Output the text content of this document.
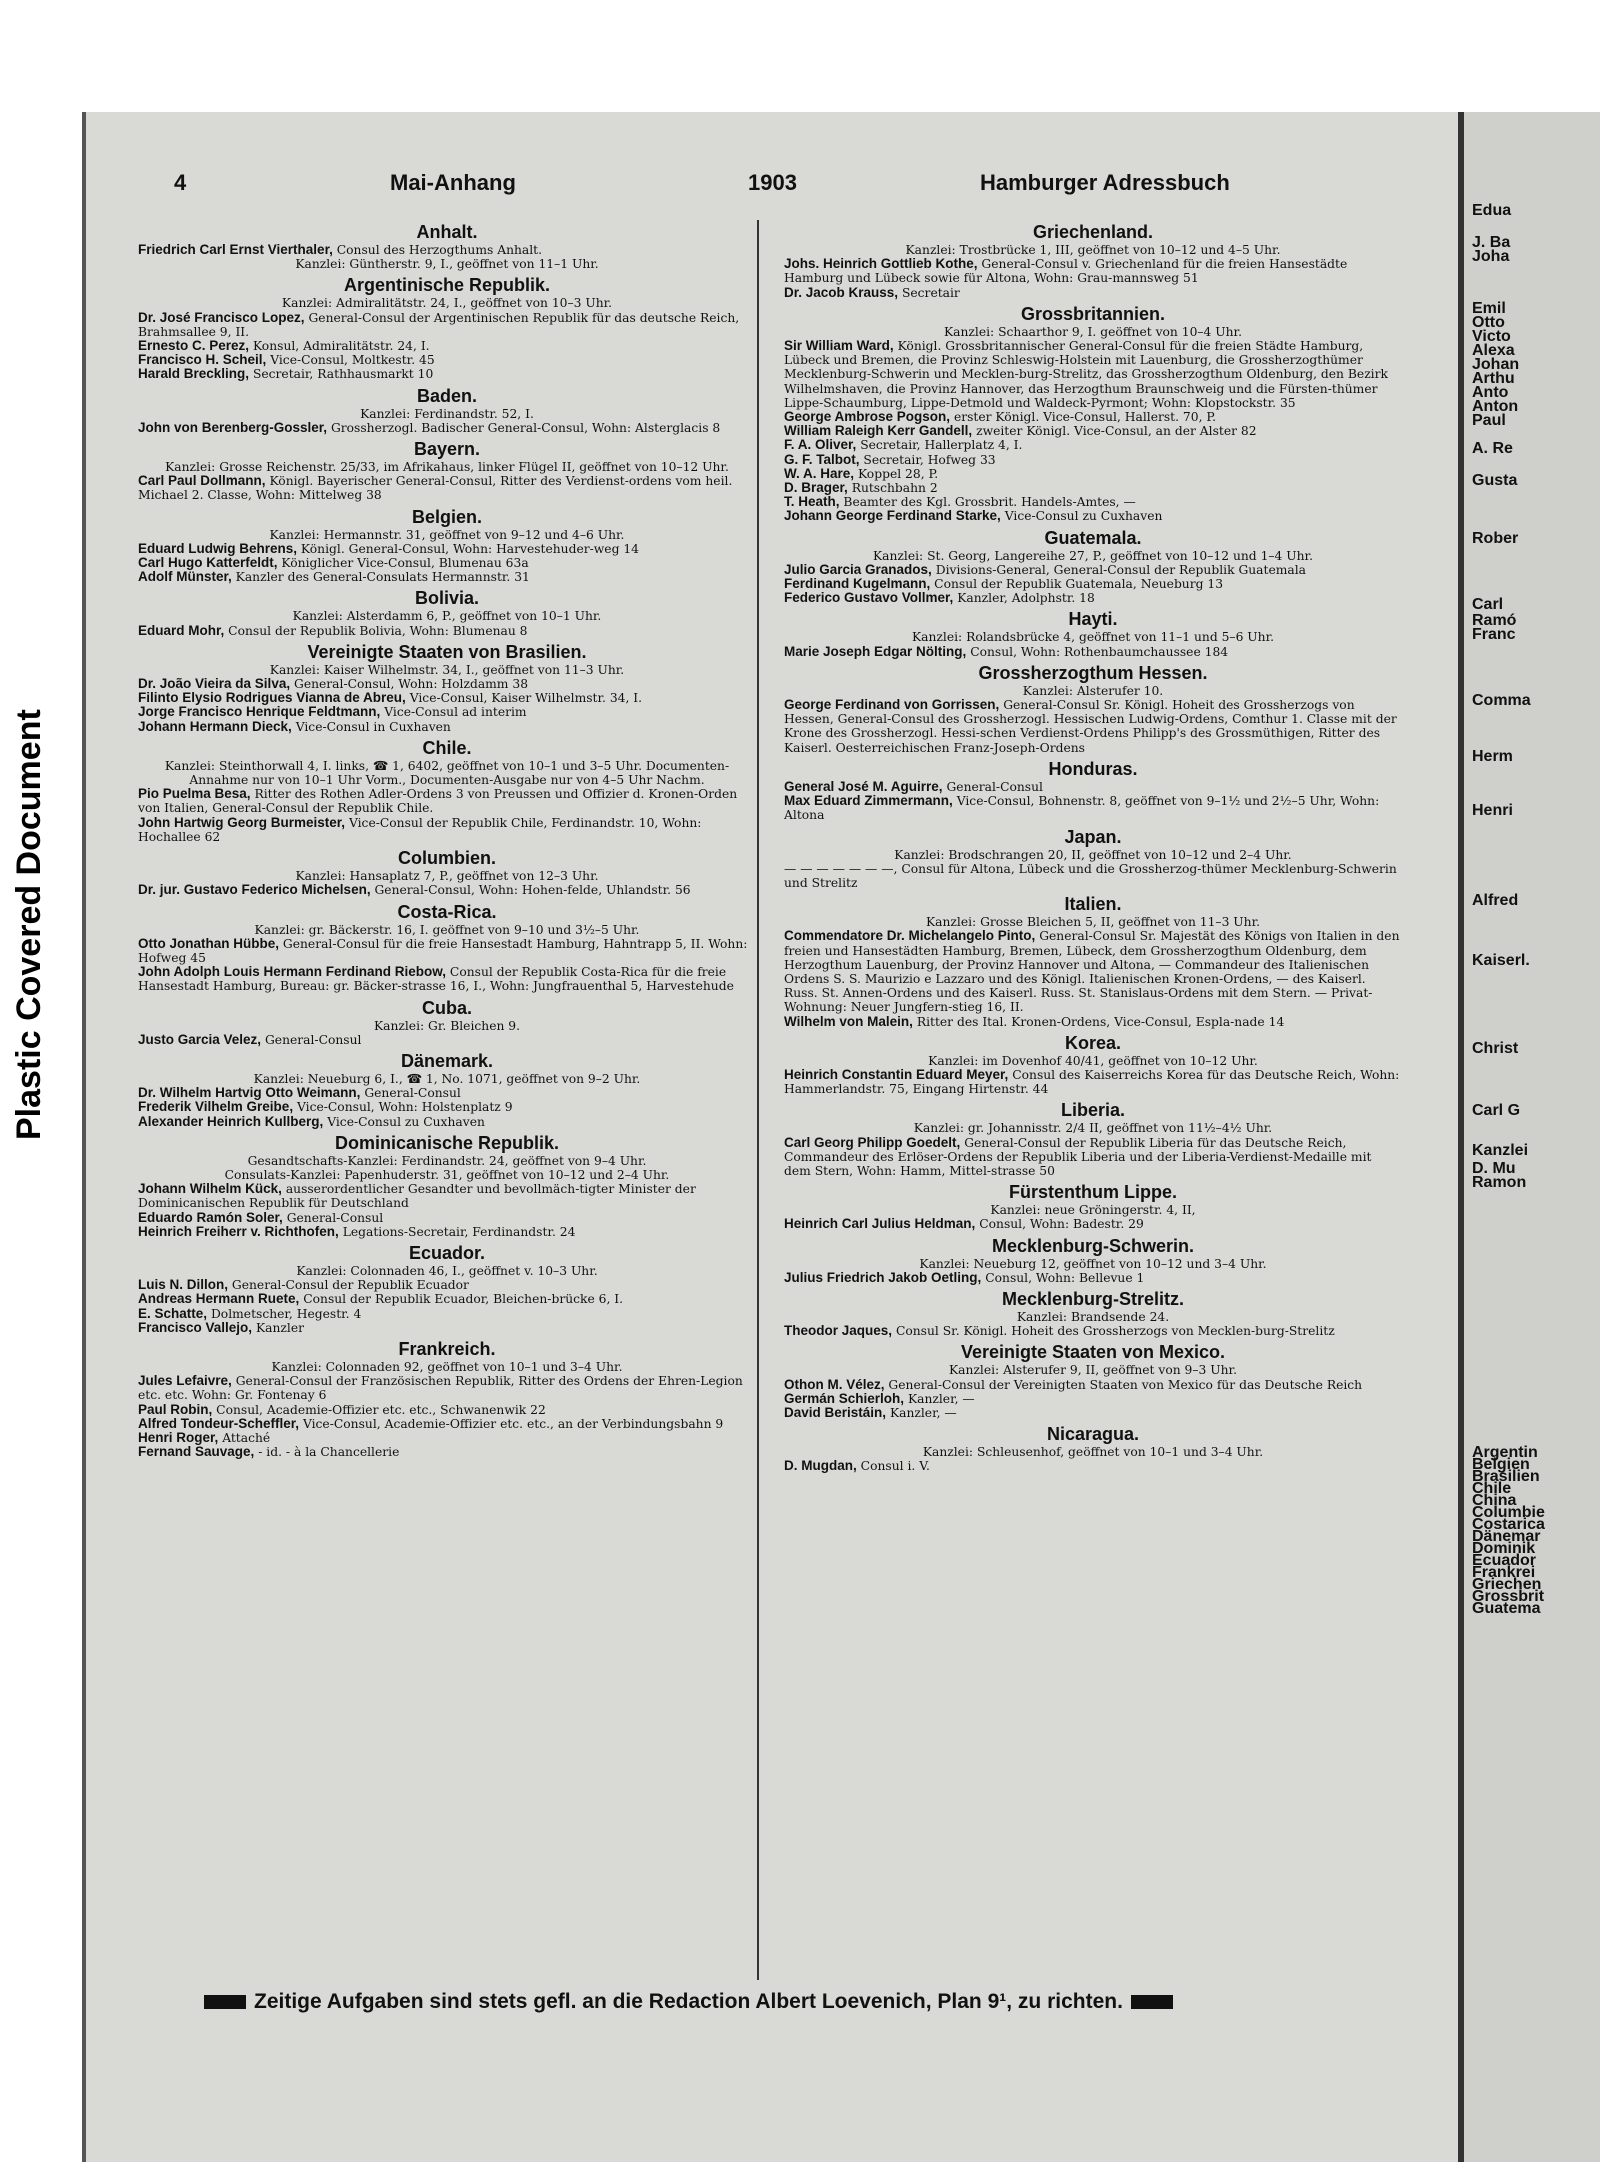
Plastic Covered Document
Edua
J. Ba
Joha
Emil
Otto
Victo
Alexa
Johan
Arthu
Anto
Anton
Paul
A. Re
Gusta
Rober
Carl
Ramó
Franc
Comma
Herm
Henri
Alfred
Kaiserl.
Christ
Carl G
Kanzlei
D. Mu
Ramon
Argentin
Belgien
Brasilien
Chile
China
Columbie
Costarica
Dänemar
Dominik
Ecuador
Frankrei
Griechen
Grossbrit
Guatema
4	Mai-Anhang	1903	Hamburger Adressbuch
Anhalt.

Friedrich Carl Ernst Vierthaler, Consul des Herzogthums Anhalt.

Kanzlei: Güntherstr. 9, I., geöffnet von 11–1 Uhr.

Argentinische Republik.

Kanzlei: Admiralitätstr. 24, I., geöffnet von 10–3 Uhr.

Dr. José Francisco Lopez, General-Consul der Argentinischen Republik für das deutsche Reich, Brahmsallee 9, II.

Ernesto C. Perez, Konsul, Admiralitätstr. 24, I.

Francisco H. Scheil, Vice-Consul, Moltkestr. 45

Harald Breckling, Secretair, Rathhausmarkt 10

Baden.

Kanzlei: Ferdinandstr. 52, I.

John von Berenberg-Gossler, Grossherzogl. Badischer General-Consul, Wohn: Alsterglacis 8

Bayern.

Kanzlei: Grosse Reichenstr. 25/33, im Afrikahaus, linker Flügel II, geöffnet von 10–12 Uhr.

Carl Paul Dollmann, Königl. Bayerischer General-Consul, Ritter des Verdienst-ordens vom heil. Michael 2. Classe, Wohn: Mittelweg 38

Belgien.

Kanzlei: Hermannstr. 31, geöffnet von 9–12 und 4–6 Uhr.

Eduard Ludwig Behrens, Königl. General-Consul, Wohn: Harvestehuder-weg 14

Carl Hugo Katterfeldt, Königlicher Vice-Consul, Blumenau 63a

Adolf Münster, Kanzler des General-Consulats Hermannstr. 31

Bolivia.

Kanzlei: Alsterdamm 6, P., geöffnet von 10–1 Uhr.

Eduard Mohr, Consul der Republik Bolivia, Wohn: Blumenau 8

Vereinigte Staaten von Brasilien.

Kanzlei: Kaiser Wilhelmstr. 34, I., geöffnet von 11–3 Uhr.

Dr. João Vieira da Silva, General-Consul, Wohn: Holzdamm 38

Filinto Elysio Rodrigues Vianna de Abreu, Vice-Consul, Kaiser Wilhelmstr. 34, I.

Jorge Francisco Henrique Feldtmann, Vice-Consul ad interim

Johann Hermann Dieck, Vice-Consul in Cuxhaven

Chile.

Kanzlei: Steinthorwall 4, I. links, ☎ 1, 6402, geöffnet von 10–1 und 3–5 Uhr. Documenten-Annahme nur von 10–1 Uhr Vorm., Documenten-Ausgabe nur von 4–5 Uhr Nachm.

Pio Puelma Besa, Ritter des Rothen Adler-Ordens 3 von Preussen und Offizier d. Kronen-Orden von Italien, General-Consul der Republik Chile.

John Hartwig Georg Burmeister, Vice-Consul der Republik Chile, Ferdinandstr. 10, Wohn: Hochallee 62

Columbien.

Kanzlei: Hansaplatz 7, P., geöffnet von 12–3 Uhr.

Dr. jur. Gustavo Federico Michelsen, General-Consul, Wohn: Hohen-felde, Uhlandstr. 56

Costa-Rica.

Kanzlei: gr. Bäckerstr. 16, I. geöffnet von 9–10 und 3½–5 Uhr.

Otto Jonathan Hübbe, General-Consul für die freie Hansestadt Hamburg, Hahntrapp 5, II. Wohn: Hofweg 45

John Adolph Louis Hermann Ferdinand Riebow, Consul der Republik Costa-Rica für die freie Hansestadt Hamburg, Bureau: gr. Bäcker-strasse 16, I., Wohn: Jungfrauenthal 5, Harvestehude

Cuba.

Kanzlei: Gr. Bleichen 9.

Justo Garcia Velez, General-Consul

Dänemark.

Kanzlei: Neueburg 6, I., ☎ 1, No. 1071, geöffnet von 9–2 Uhr.

Dr. Wilhelm Hartvig Otto Weimann, General-Consul

Frederik Vilhelm Greibe, Vice-Consul, Wohn: Holstenplatz 9

Alexander Heinrich Kullberg, Vice-Consul zu Cuxhaven

Dominicanische Republik.

Gesandtschafts-Kanzlei: Ferdinandstr. 24, geöffnet von 9–4 Uhr.

Consulats-Kanzlei: Papenhuderstr. 31, geöffnet von 10–12 und 2–4 Uhr.

Johann Wilhelm Kück, ausserordentlicher Gesandter und bevollmäch-tigter Minister der Dominicanischen Republik für Deutschland

Eduardo Ramón Soler, General-Consul

Heinrich Freiherr v. Richthofen, Legations-Secretair, Ferdinandstr. 24

Ecuador.

Kanzlei: Colonnaden 46, I., geöffnet v. 10–3 Uhr.

Luis N. Dillon, General-Consul der Republik Ecuador

Andreas Hermann Ruete, Consul der Republik Ecuador, Bleichen-brücke 6, I.

E. Schatte, Dolmetscher, Hegestr. 4

Francisco Vallejo, Kanzler

Frankreich.

Kanzlei: Colonnaden 92, geöffnet von 10–1 und 3–4 Uhr.

Jules Lefaivre, General-Consul der Französischen Republik, Ritter des Ordens der Ehren-Legion etc. etc. Wohn: Gr. Fontenay 6

Paul Robin, Consul, Academie-Offizier etc. etc., Schwanenwik 22

Alfred Tondeur-Scheffler, Vice-Consul, Academie-Offizier etc. etc., an der Verbindungsbahn 9

Henri Roger, Attaché

Fernand Sauvage, - id. - à la Chancellerie

Griechenland.

Kanzlei: Trostbrücke 1, III, geöffnet von 10–12 und 4–5 Uhr.

Johs. Heinrich Gottlieb Kothe, General-Consul v. Griechenland für die freien Hansestädte Hamburg und Lübeck sowie für Altona, Wohn: Grau-mannsweg 51

Dr. Jacob Krauss, Secretair

Grossbritannien.

Kanzlei: Schaarthor 9, I. geöffnet von 10–4 Uhr.

Sir William Ward, Königl. Grossbritannischer General-Consul für die freien Städte Hamburg, Lübeck und Bremen, die Provinz Schleswig-Holstein mit Lauenburg, die Grossherzogthümer Mecklenburg-Schwerin und Mecklen-burg-Strelitz, das Grossherzogthum Oldenburg, den Bezirk Wilhelmshaven, die Provinz Hannover, das Herzogthum Braunschweig und die Fürsten-thümer Lippe-Schaumburg, Lippe-Detmold und Waldeck-Pyrmont; Wohn: Klopstockstr. 35

George Ambrose Pogson, erster Königl. Vice-Consul, Hallerst. 70, P.

William Raleigh Kerr Gandell, zweiter Königl. Vice-Consul, an der Alster 82

F. A. Oliver, Secretair, Hallerplatz 4, I.

G. F. Talbot, Secretair, Hofweg 33

W. A. Hare, Koppel 28, P.

D. Brager, Rutschbahn 2

T. Heath, Beamter des Kgl. Grossbrit. Handels-Amtes, —

Johann George Ferdinand Starke, Vice-Consul zu Cuxhaven

Guatemala.

Kanzlei: St. Georg, Langereihe 27, P., geöffnet von 10–12 und 1–4 Uhr.

Julio Garcia Granados, Divisions-General, General-Consul der Republik Guatemala

Ferdinand Kugelmann, Consul der Republik Guatemala, Neueburg 13

Federico Gustavo Vollmer, Kanzler, Adolphstr. 18

Hayti.

Kanzlei: Rolandsbrücke 4, geöffnet von 11–1 und 5–6 Uhr.

Marie Joseph Edgar Nölting, Consul, Wohn: Rothenbaumchaussee 184

Grossherzogthum Hessen.

Kanzlei: Alsterufer 10.

George Ferdinand von Gorrissen, General-Consul Sr. Königl. Hoheit des Grossherzogs von Hessen, General-Consul des Grossherzogl. Hessischen Ludwig-Ordens, Comthur 1. Classe mit der Krone des Grossherzogl. Hessi-schen Verdienst-Ordens Philipp's des Grossmüthigen, Ritter des Kaiserl. Oesterreichischen Franz-Joseph-Ordens

Honduras.

General José M. Aguirre, General-Consul

Max Eduard Zimmermann, Vice-Consul, Bohnenstr. 8, geöffnet von 9–1½ und 2½–5 Uhr, Wohn: Altona

Japan.

Kanzlei: Brodschrangen 20, II, geöffnet von 10–12 und 2–4 Uhr.

— — — — — — —, Consul für Altona, Lübeck und die Grossherzog-thümer Mecklenburg-Schwerin und Strelitz

Italien.

Kanzlei: Grosse Bleichen 5, II, geöffnet von 11–3 Uhr.

Commendatore Dr. Michelangelo Pinto, General-Consul Sr. Majestät des Königs von Italien in den freien und Hansestädten Hamburg, Bremen, Lübeck, dem Grossherzogthum Oldenburg, dem Herzogthum Lauenburg, der Provinz Hannover und Altona, — Commandeur des Italienischen Ordens S. S. Maurizio e Lazzaro und des Königl. Italienischen Kronen-Ordens, — des Kaiserl. Russ. St. Annen-Ordens und des Kaiserl. Russ. St. Stanislaus-Ordens mit dem Stern. — Privat-Wohnung: Neuer Jungfern-stieg 16, II.

Wilhelm von Malein, Ritter des Ital. Kronen-Ordens, Vice-Consul, Espla-nade 14

Korea.

Kanzlei: im Dovenhof 40/41, geöffnet von 10–12 Uhr.

Heinrich Constantin Eduard Meyer, Consul des Kaiserreichs Korea für das Deutsche Reich, Wohn: Hammerlandstr. 75, Eingang Hirtenstr. 44

Liberia.

Kanzlei: gr. Johannisstr. 2/4 II, geöffnet von 11½–4½ Uhr.

Carl Georg Philipp Goedelt, General-Consul der Republik Liberia für das Deutsche Reich, Commandeur des Erlöser-Ordens der Republik Liberia und der Liberia-Verdienst-Medaille mit dem Stern, Wohn: Hamm, Mittel-strasse 50

Fürstenthum Lippe.

Kanzlei: neue Gröningerstr. 4, II,

Heinrich Carl Julius Heldman, Consul, Wohn: Badestr. 29

Mecklenburg-Schwerin.

Kanzlei: Neueburg 12, geöffnet von 10–12 und 3–4 Uhr.

Julius Friedrich Jakob Oetling, Consul, Wohn: Bellevue 1

Mecklenburg-Strelitz.

Kanzlei: Brandsende 24.

Theodor Jaques, Consul Sr. Königl. Hoheit des Grossherzogs von Mecklen-burg-Strelitz

Vereinigte Staaten von Mexico.

Kanzlei: Alsterufer 9, II, geöffnet von 9–3 Uhr.

Othon M. Vélez, General-Consul der Vereinigten Staaten von Mexico für das Deutsche Reich

Germán Schierloh, Kanzler, —

David Beristáin, Kanzler, —

Nicaragua.

Kanzlei: Schleusenhof, geöffnet von 10–1 und 3–4 Uhr.

D. Mugdan, Consul i. V.

Zeitige Aufgaben sind stets gefl. an die Redaction Albert Loevenich, Plan 9¹, zu richten.
